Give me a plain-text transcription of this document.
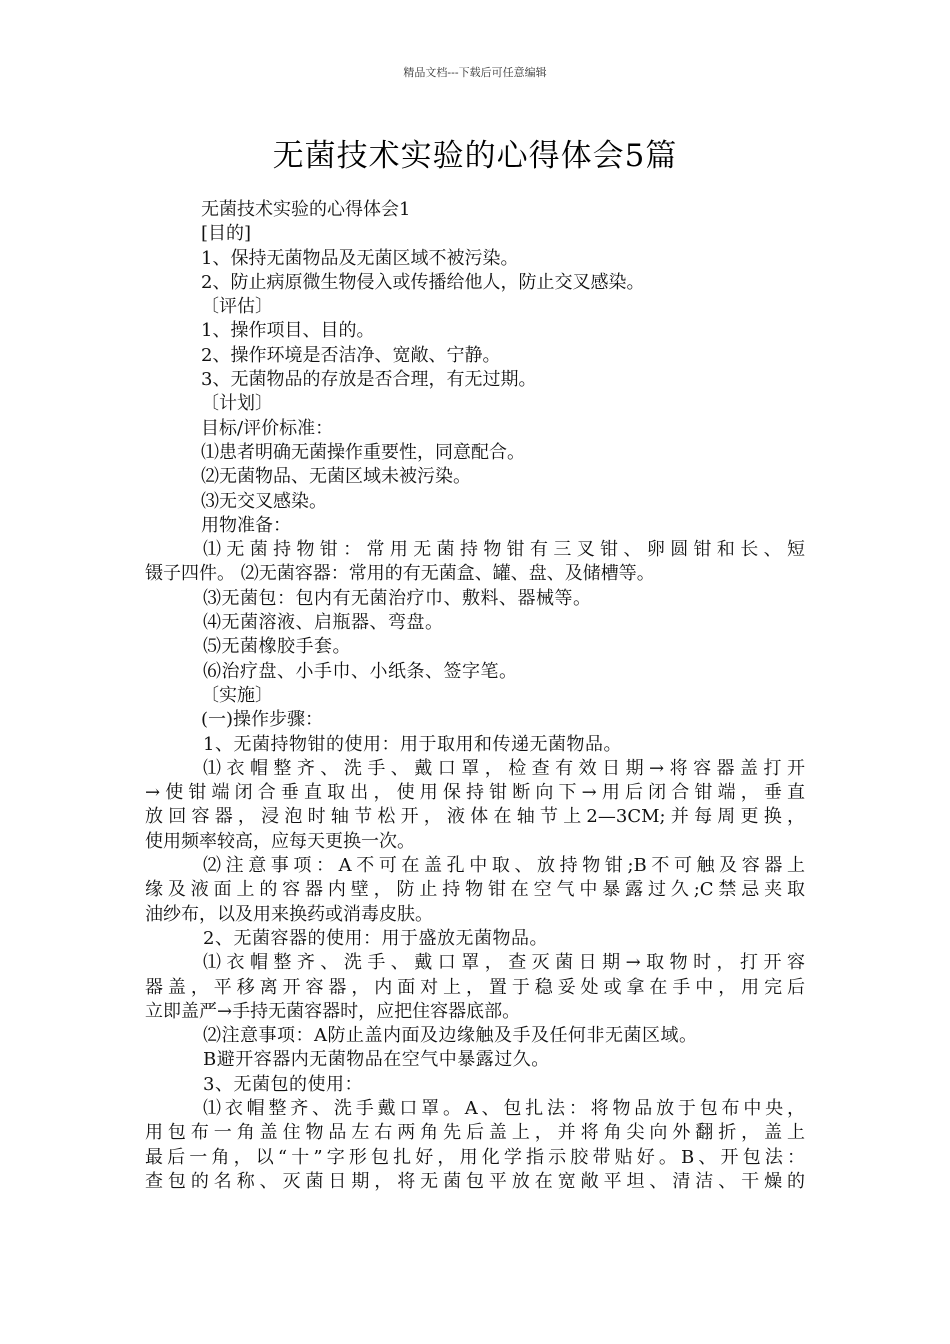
精品文档---下载后可任意编辑
无菌技术实验的心得体会5篇
无菌技术实验的心得体会1
[目的]
1、保持无菌物品及无菌区域不被污染。
2、防止病原微生物侵入或传播给他人，防止交叉感染。
〔评估〕
1、操作项目、目的。
2、操作环境是否洁净、宽敞、宁静。
3、无菌物品的存放是否合理，有无过期。
〔计划〕
目标/评价标准：
⑴患者明确无菌操作重要性，同意配合。
⑵无菌物品、无菌区域未被污染。
⑶无交叉感染。
用物准备：
⑴无菌持物钳：常用无菌持物钳有三叉钳、卵圆钳和长、短
镊子四件。 ⑵无菌容器：常用的有无菌盒、罐、盘、及储槽等。
⑶无菌包：包内有无菌治疗巾、敷料、器械等。
⑷无菌溶液、启瓶器、弯盘。
⑸无菌橡胶手套。
⑹治疗盘、小手巾、小纸条、签字笔。
〔实施〕
(一)操作步骤：
1、无菌持物钳的使用：用于取用和传递无菌物品。
⑴衣帽整齐、洗手、戴口罩，检查有效日期→将容器盖打开
→使钳端闭合垂直取出，使用保持钳断向下→用后闭合钳端，垂直
放回容器，浸泡时轴节松开，液体在轴节上2—3CM;并每周更换，
使用频率较高，应每天更换一次。
⑵注意事项：A不可在盖孔中取、放持物钳;B不可触及容器上
缘及液面上的容器内壁，防止持物钳在空气中暴露过久;C禁忌夹取
油纱布，以及用来换药或消毒皮肤。
2、无菌容器的使用：用于盛放无菌物品。
⑴衣帽整齐、洗手、戴口罩，查灭菌日期→取物时，打开容
器盖，平移离开容器，内面对上，置于稳妥处或拿在手中，用完后
立即盖严→手持无菌容器时，应把住容器底部。
⑵注意事项：A防止盖内面及边缘触及手及任何非无菌区域。
B避开容器内无菌物品在空气中暴露过久。
3、无菌包的使用：
⑴衣帽整齐、洗手戴口罩。A、包扎法：将物品放于包布中央，
用包布一角盖住物品左右两角先后盖上，并将角尖向外翻折，盖上
最后一角，以“十”字形包扎好，用化学指示胶带贴好。B、开包法：
查包的名称、灭菌日期，将无菌包平放在宽敞平坦、清洁、干燥的
